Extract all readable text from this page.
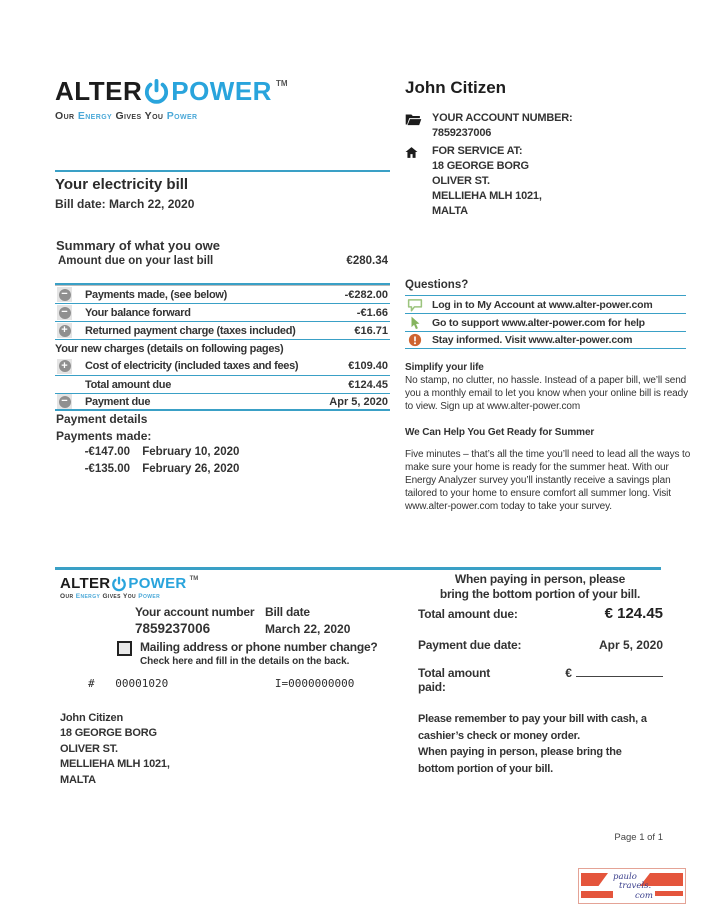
ALTER POWER TM
Our Energy Gives You Power
John Citizen
YOUR ACCOUNT NUMBER:
7859237006
FOR SERVICE AT:
18 GEORGE BORG
OLIVER ST.
MELLIEHA MLH 1021,
MALTA
Your electricity bill
Bill date: March 22, 2020
Summary of what you owe
Amount due on your last bill	€280.34
− Payments made, (see below)	-€282.00
− Your balance forward	-€1.66
+ Returned payment charge (taxes included)	€16.71
Your new charges (details on following pages)
+ Cost of electricity (included taxes and fees)	€109.40
Total amount due	€124.45
− Payment due	Apr 5, 2020
Payment details
Payments made:
-€147.00 February 10, 2020
-€135.00 February 26, 2020
Questions?
Log in to My Account at www.alter-power.com
Go to support www.alter-power.com for help
Stay informed. Visit www.alter-power.com
Simplify your life
No stamp, no clutter, no hassle. Instead of a paper bill, we’ll send you a monthly email to let you know when your online bill is ready to view. Sign up at www.alter-power.com
We Can Help You Get Ready for Summer
Five minutes – that’s all the time you’ll need to lead all the ways to make sure your home is ready for the summer heat. With our Energy Analyzer survey you’ll instantly receive a savings plan tailored to your home to ensure comfort all summer long. Visit www.alter-power.com today to take your survey.
ALTER POWER TM
Our Energy Gives You Power
Your account number
7859237006
Bill date
March 22, 2020
Mailing address or phone number change?
Check here and fill in the details on the back.
# 00001020	I=0000000000
John Citizen
18 GEORGE BORG
OLIVER ST.
MELLIEHA MLH 1021,
MALTA
When paying in person, please
bring the bottom portion of your bill.
Total amount due:	€ 124.45
Payment due date:	Apr 5, 2020
Total amount paid:
€
Please remember to pay your bill with cash, a
cashier’s check or money order.
When paying in person, please bring the
bottom portion of your bill.
Page 1 of 1
paulo
travels.
com
